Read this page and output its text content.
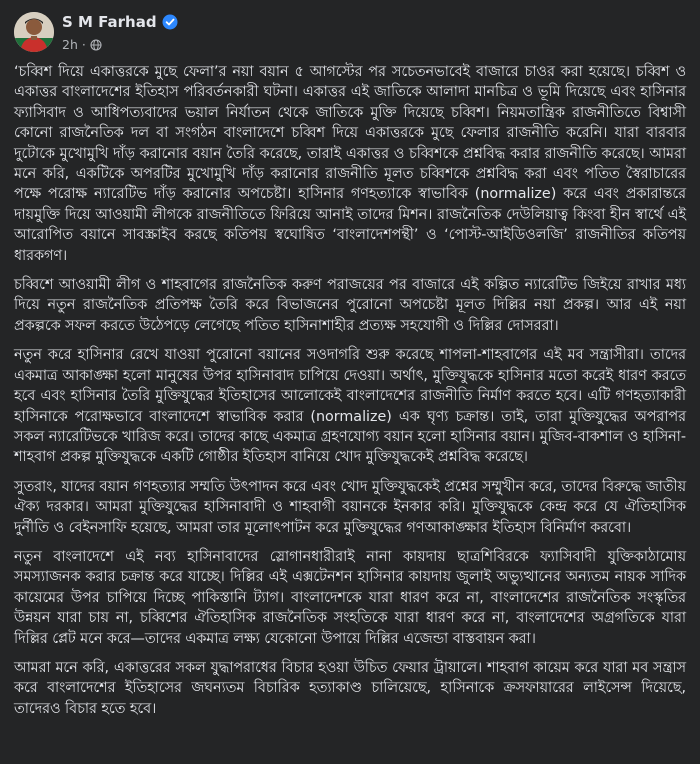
S M Farhad
2h ·

‘চব্বিশ দিয়ে একাত্তরকে মুছে ফেলা’র নয়া বয়ান ৫ আগস্টের পর সচেতনভাবেই বাজারে চাওর করা হয়েছে। চব্বিশ ও একাত্তর বাংলাদেশের ইতিহাস পরিবর্তনকারী ঘটনা। একাত্তর এই জাতিকে আলাদা মানচিত্র ও ভূমি দিয়েছে এবং হাসিনার ফ্যাসিবাদ ও আধিপত্যবাদের ভয়াল নির্যাতন থেকে জাতিকে মুক্তি দিয়েছে চব্বিশ। নিয়মতান্ত্রিক রাজনীতিতে বিশ্বাসী কোনো রাজনৈতিক দল বা সংগঠন বাংলাদেশে চব্বিশ দিয়ে একাত্তরকে মুছে ফেলার রাজনীতি করেনি। যারা বারবার দুটোকে মুখোমুখি দাঁড় করানোর বয়ান তৈরি করেছে, তারাই একাত্তর ও চব্বিশকে প্রশ্নবিদ্ধ করার রাজনীতি করেছে। আমরা মনে করি, একটিকে অপরটির মুখোমুখি দাঁড় করানোর রাজনীতি মূলত চব্বিশকে প্রশ্নবিদ্ধ করা এবং পতিত স্বৈরাচারের পক্ষে পরোক্ষ ন্যারেটিভ দাঁড় করানোর অপচেষ্টা। হাসিনার গণহত্যাকে স্বাভাবিক (normalize) করে এবং প্রকারান্তরে দায়মুক্তি দিয়ে আওয়ামী লীগকে রাজনীতিতে ফিরিয়ে আনাই তাদের মিশন। রাজনৈতিক দেউলিয়াত্ব কিংবা হীন স্বার্থে এই আরোপিত বয়ানে সাবস্ক্রাইব করছে কতিপয় স্বঘোষিত ‘বাংলাদেশপন্থী’ ও ‘পোস্ট-আইডিওলজি’ রাজনীতির কতিপয় ধারকগণ।

চব্বিশে আওয়ামী লীগ ও শাহবাগের রাজনৈতিক করুণ পরাজয়ের পর বাজারে এই কল্পিত ন্যারেটিভ জিইয়ে রাখার মধ্য দিয়ে নতুন রাজনৈতিক প্রতিপক্ষ তৈরি করে বিভাজনের পুরোনো অপচেষ্টা মূলত দিল্লির নয়া প্রকল্প। আর এই নয়া প্রকল্পকে সফল করতে উঠেপড়ে লেগেছে পতিত হাসিনাশাহীর প্রত্যক্ষ সহযোগী ও দিল্লির দোসররা।

নতুন করে হাসিনার রেখে যাওয়া পুরোনো বয়ানের সওদাগরি শুরু করেছে শাপলা-শাহবাগের এই মব সন্ত্রাসীরা। তাদের একমাত্র আকাঙ্ক্ষা হলো মানুষের উপর হাসিনাবাদ চাপিয়ে দেওয়া। অর্থাৎ, মুক্তিযুদ্ধকে হাসিনার মতো করেই ধারণ করতে হবে এবং হাসিনার তৈরি মুক্তিযুদ্ধের ইতিহাসের আলোকেই বাংলাদেশের রাজনীতি নির্মাণ করতে হবে। এটি গণহত্যাকারী হাসিনাকে পরোক্ষভাবে বাংলাদেশে স্বাভাবিক করার (normalize) এক ঘৃণ্য চক্রান্ত। তাই, তারা মুক্তিযুদ্ধের অপরাপর সকল ন্যারেটিভকে খারিজ করে। তাদের কাছে একমাত্র গ্রহণযোগ্য বয়ান হলো হাসিনার বয়ান। মুজিব-বাকশাল ও হাসিনা-শাহবাগ প্রকল্প মুক্তিযুদ্ধকে একটি গোষ্ঠীর ইতিহাস বানিয়ে খোদ মুক্তিযুদ্ধকেই প্রশ্নবিদ্ধ করেছে।

সুতরাং, যাদের বয়ান গণহত্যার সম্মতি উৎপাদন করে এবং খোদ মুক্তিযুদ্ধকেই প্রশ্নের সম্মুখীন করে, তাদের বিরুদ্ধে জাতীয় ঐক্য দরকার। আমরা মুক্তিযুদ্ধের হাসিনাবাদী ও শাহবাগী বয়ানকে ইনকার করি। মুক্তিযুদ্ধকে কেন্দ্র করে যে ঐতিহাসিক দুর্নীতি ও বেইনসাফি হয়েছে, আমরা তার মূলোৎপাটন করে মুক্তিযুদ্ধের গণআকাঙ্ক্ষার ইতিহাস বিনির্মাণ করবো।

নতুন বাংলাদেশে এই নব্য হাসিনাবাদের স্লোগানধারীরাই নানা কায়দায় ছাত্রশিবিরকে ফ্যাসিবাদী যুক্তিকাঠামোয় সমস্যাজনক করার চক্রান্ত করে যাচ্ছে। দিল্লির এই এক্সটেনশন হাসিনার কায়দায় জুলাই অভ্যুত্থানের অন্যতম নায়ক সাদিক কায়েমের উপর চাপিয়ে দিচ্ছে পাকিস্তানি ট্যাগ। বাংলাদেশকে যারা ধারণ করে না, বাংলাদেশের রাজনৈতিক সংস্কৃতির উন্নয়ন যারা চায় না, চব্বিশের ঐতিহাসিক রাজনৈতিক সংহতিকে যারা ধারণ করে না, বাংলাদেশের অগ্রগতিকে যারা দিল্লির প্লেট মনে করে—তাদের একমাত্র লক্ষ্য যেকোনো উপায়ে দিল্লির এজেন্ডা বাস্তবায়ন করা।

আমরা মনে করি, একাত্তরের সকল যুদ্ধাপরাধের বিচার হওয়া উচিত ফেয়ার ট্রায়ালে। শাহবাগ কায়েম করে যারা মব সন্ত্রাস করে বাংলাদেশের ইতিহাসের জঘন্যতম বিচারিক হত্যাকাণ্ড চালিয়েছে, হাসিনাকে ক্রসফায়ারের লাইসেন্স দিয়েছে, তাদেরও বিচার হতে হবে।
